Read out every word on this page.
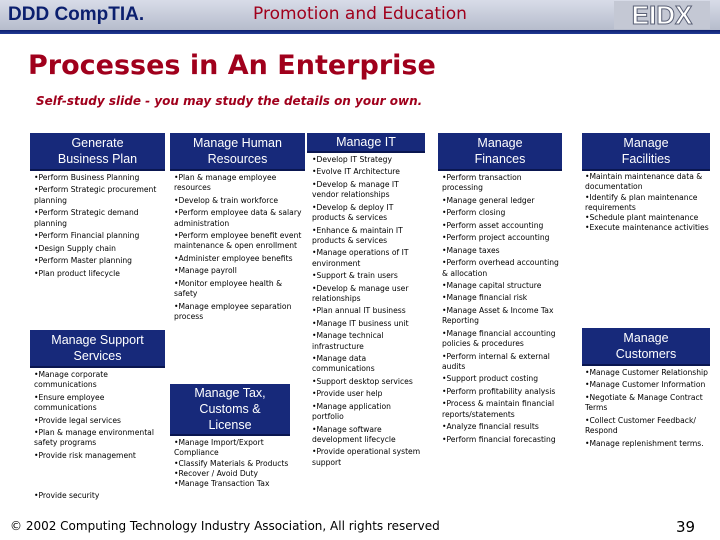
DDD CompTIA.	Promotion and Education	EIDX
Processes in An Enterprise
Self-study slide - you may study the details on your own.
Generate
Business Plan
•Perform Business Planning
•Perform Strategic procurement planning
•Perform Strategic demand planning
•Perform Financial planning
•Design Supply chain
•Perform Master planning
•Plan product lifecycle
Manage Support
Services
•Manage corporate communications
•Ensure employee communications
•Provide legal services
•Plan & manage environmental safety programs
•Provide risk management
•Provide security
Manage Human
Resources
•Plan & manage employee resources
•Develop & train workforce
•Perform employee data & salary administration
•Perform employee benefit event maintenance & open enrollment
•Administer employee benefits
•Manage payroll
•Monitor employee health & safety
•Manage employee separation process
Manage Tax,
Customs &
License
•Manage Import/Export Compliance
•Classify Materials & Products
•Recover / Avoid Duty
•Manage Transaction Tax
Manage IT
•Develop IT Strategy
•Evolve IT Architecture
•Develop & manage IT vendor relationships
•Develop & deploy IT products & services
•Enhance & maintain IT products & services
•Manage operations of IT environment
•Support & train users
•Develop & manage user relationships
•Plan annual IT business
•Manage IT business unit
•Manage technical infrastructure
•Manage data communications
•Support desktop services
•Provide user help
•Manage application portfolio
•Manage software development lifecycle
•Provide operational system support
Manage
Finances
•Perform transaction processing
•Manage general ledger
•Perform closing
•Perform asset accounting
•Perform project accounting
•Manage taxes
•Perform overhead accounting & allocation
•Manage capital structure
•Manage financial risk
•Manage Asset & Income Tax Reporting
•Manage financial accounting policies & procedures
•Perform internal & external audits
•Support product costing
•Perform profitability analysis
•Process & maintain financial reports/statements
•Analyze financial results
•Perform financial forecasting
Manage
Facilities
•Maintain maintenance data & documentation
•Identify & plan maintenance requirements
•Schedule plant maintenance
•Execute maintenance activities
Manage
Customers
•Manage Customer Relationship
•Manage Customer Information
•Negotiate & Manage Contract Terms
•Collect Customer Feedback/ Respond
•Manage replenishment terms.
© 2002 Computing Technology Industry Association, All rights reserved	39
